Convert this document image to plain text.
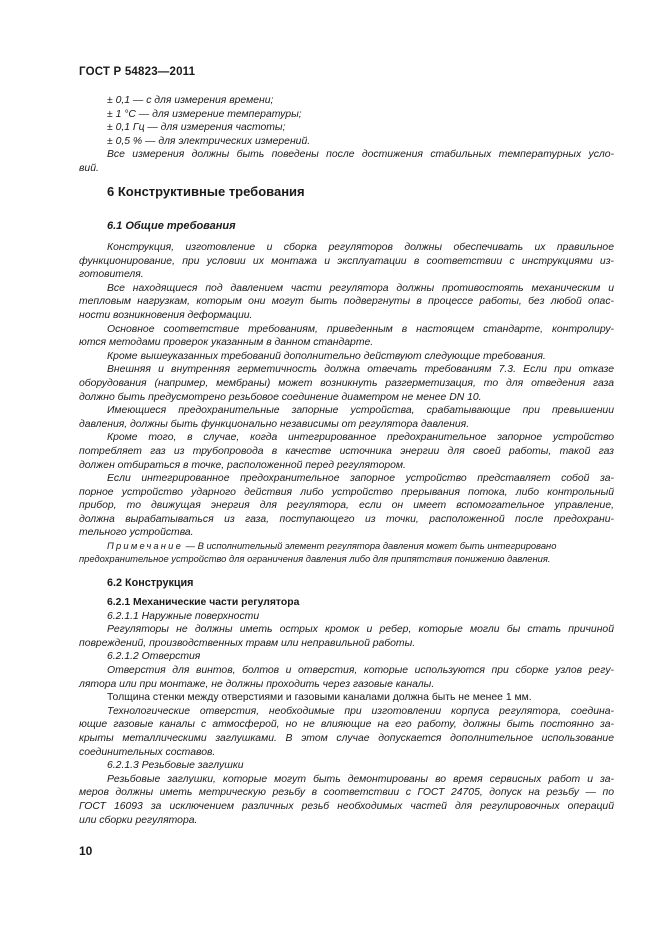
ГОСТ Р 54823—2011

± 0,1 — с для измерения времени;

± 1 °С — для измерение температуры;

± 0,1 Гц — для измерения частоты;

± 0,5 % — для электрических измерений.

Все измерения должны быть поведены после достижения стабильных температурных усло-

вий.

6 Конструктивные требования
6.1 Общие требования

Конструкция, изготовление и сборка регуляторов должны обеспечивать их правильное

функционирование, при условии их монтажа и эксплуатации в соответствии с инструкциями из-

готовителя.

Все находящиеся под давлением части регулятора должны противостоять механическим и

тепловым нагрузкам, которым они могут быть подвергнуты в процессе работы, без любой опас-

ности возникновения деформации.

Основное соответствие требованиям, приведенным в настоящем стандарте, контролиру-

ются методами проверок указанным в данном стандарте.

Кроме вышеуказанных требований дополнительно действуют следующие требования.

Внешняя и внутренняя герметичность должна отвечать требованиям 7.3. Если при отказе

оборудования (например, мембраны) может возникнуть разгерметизация, то для отведения газа

должно быть предусмотрено резьбовое соединение диаметром не менее DN 10.

Имеющиеся предохранительные запорные устройства, срабатывающие при превышении

давления, должны быть функционально независимы от регулятора давления.

Кроме того, в случае, когда интегрированное предохранительное запорное устройство

потребляет газ из трубопровода в качестве источника энергии для своей работы, такой газ

должен отбираться в точке, расположенной перед регулятором.

Если интегрированное предохранительное запорное устройство представляет собой за-

порное устройство ударного действия либо устройство прерывания потока, либо контрольный

прибор, то движущая энергия для регулятора, если он имеет вспомогательное управление,

должна вырабатываться из газа, поступающего из точки, расположенной после предохрани-

тельного устройства.

Примечание — В исполнительный элемент регулятора давления может быть интегрировано

предохранительное устройство для ограничения давления либо для припятствия понижению давления.

6.2 Конструкция

6.2.1 Механические части регулятора

6.2.1.1 Наружные поверхности

Регуляторы не должны иметь острых кромок и ребер, которые могли бы стать причиной

повреждений, производственных травм или неправильной работы.

6.2.1.2 Отверстия

Отверстия для винтов, болтов и отверстия, которые используются при сборке узлов регу-

лятора или при монтаже, не должны проходить через газовые каналы.

Толщина стенки между отверстиями и газовыми каналами должна быть не менее 1 мм.

Технологические отверстия, необходимые при изготовлении корпуса регулятора, соедина-

ющие газовые каналы с атмосферой, но не влияющие на его работу, должны быть постоянно за-

крыты металлическими заглушками. В этом случае допускается дополнительное использование

соединительных составов.

6.2.1.3 Резьбовые заглушки

Резьбовые заглушки, которые могут быть демонтированы во время сервисных работ и за-

меров должны иметь метрическую резьбу в соответствии с ГОСТ 24705, допуск на резьбу — по

ГОСТ 16093 за исключением различных резьб необходимых частей для регулировочных операций

или сборки регулятора.

10
